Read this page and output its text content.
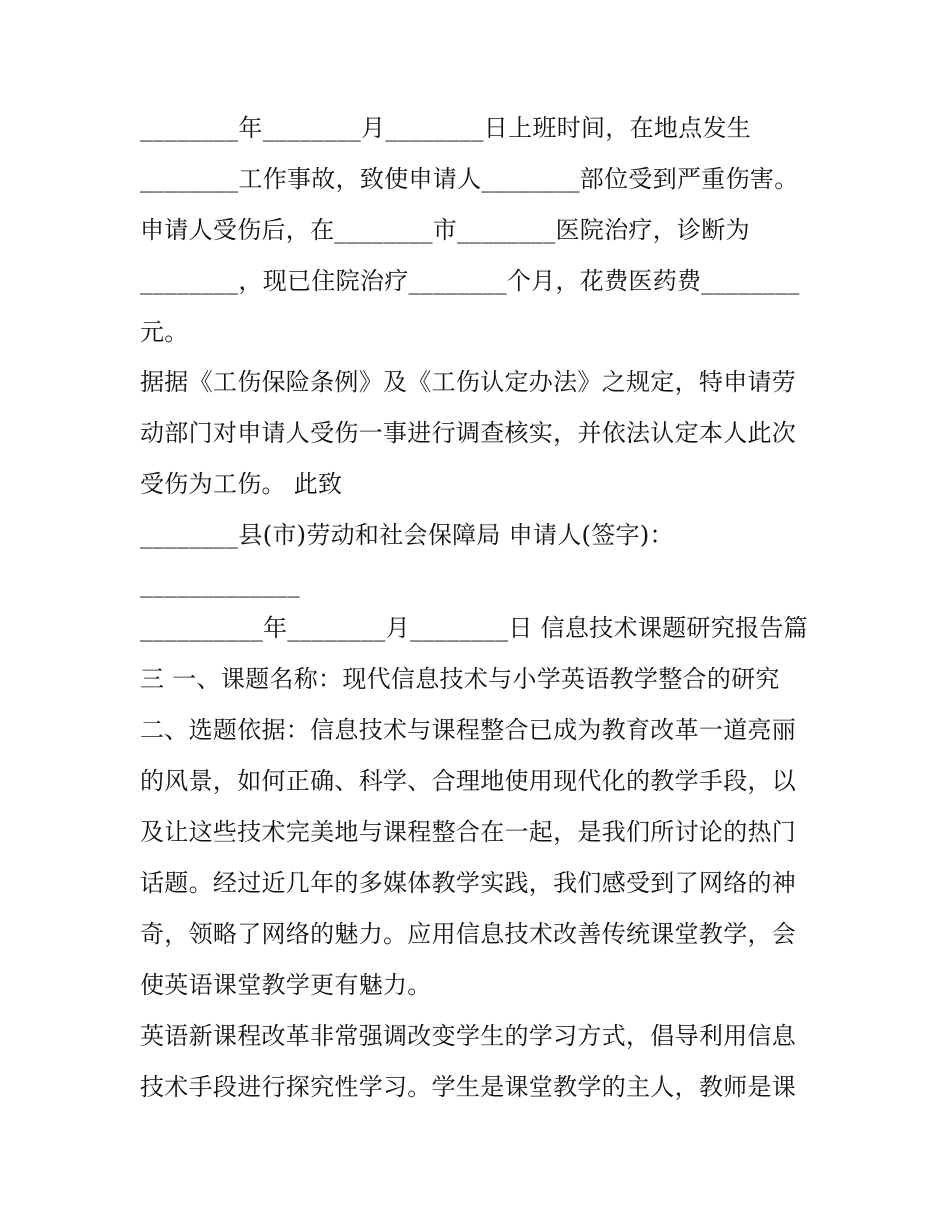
________年________月________日上班时间，在地点发生
________工作事故，致使申请人________部位受到严重伤害。
申请人受伤后，在________市________医院治疗，诊断为
________，现已住院治疗________个月，花费医药费________
元。
据据《工伤保险条例》及《工伤认定办法》之规定，特申请劳
动部门对申请人受伤一事进行调查核实，并依法认定本人此次
受伤为工伤。 此致
________县(市)劳动和社会保障局 申请人(签字)：
_____________
__________年________月________日 信息技术课题研究报告篇
三 一、课题名称：现代信息技术与小学英语教学整合的研究
二、选题依据：信息技术与课程整合已成为教育改革一道亮丽
的风景，如何正确、科学、合理地使用现代化的教学手段，以
及让这些技术完美地与课程整合在一起，是我们所讨论的热门
话题。经过近几年的多媒体教学实践，我们感受到了网络的神
奇，领略了网络的魅力。应用信息技术改善传统课堂教学，会
使英语课堂教学更有魅力。
英语新课程改革非常强调改变学生的学习方式，倡导利用信息
技术手段进行探究性学习。学生是课堂教学的主人，教师是课
